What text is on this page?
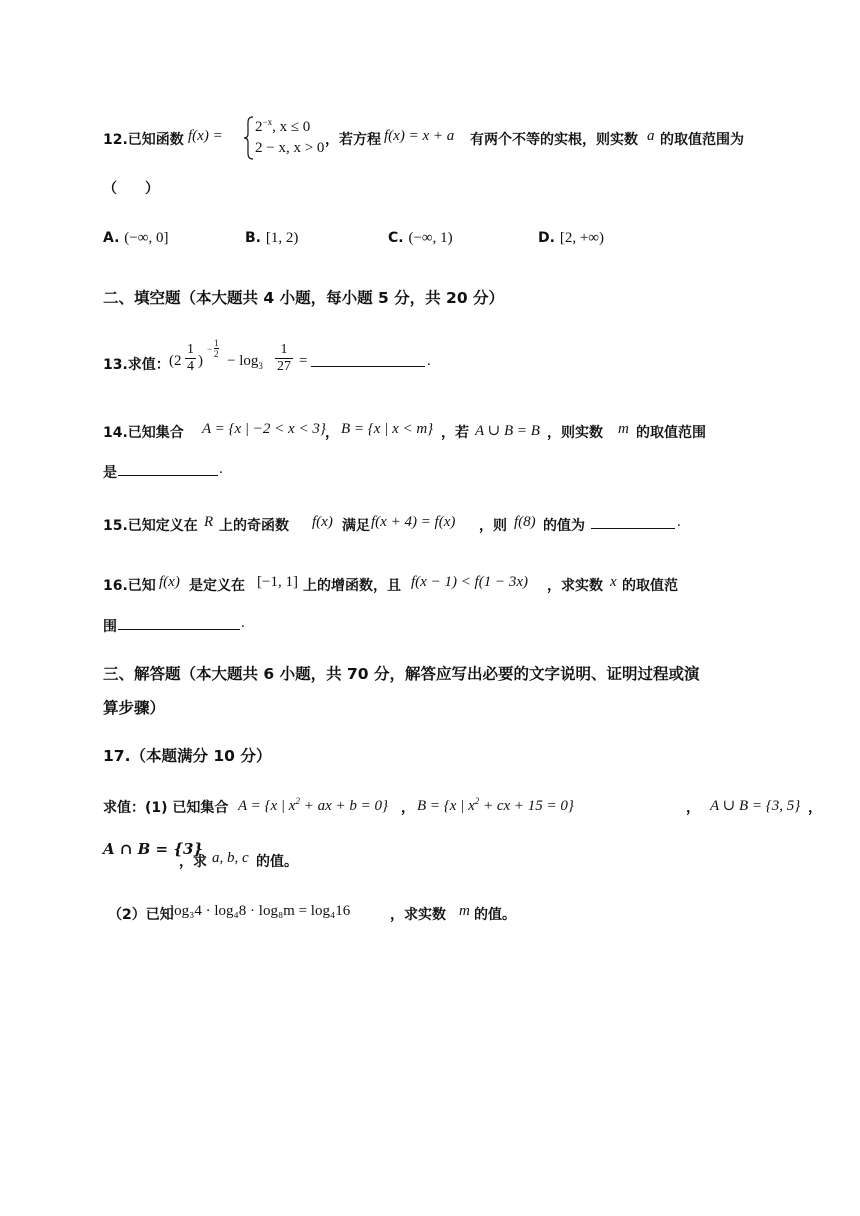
12.已知函数 f(x) =
$2^{-x}$, x ≤ 0
2 − x, x > 0 ，若方程 f(x) = x + a 有两个不等的实根，则实数 a 的取值范围为
（　　）
A. (−∞, 0]	B. [1, 2)	C. (−∞, 1)	D. [2, +∞)
二、填空题（本大题共 4 小题，每小题 5 分，共 20 分）
13.求值： ($2 \frac{1}{4}$ )
−
1
$2 - \log_3 \frac{1}{27}$ =	.
14.已知集合 A = {x | −2 < x < 3} ， B = {x | x < m} ，若 A ∪ B = B ，则实数 m 的取值范围
是	.
15.已知定义在 R 上的奇函数 f(x) 满足 f(x + 4) = f(x) ，则 f(8) 的值为	.
16.已知 f(x) 是定义在 [−1, 1] 上的增函数，且 f(x − 1) < f(1 − 3x) ，求实数 x 的取值范
围	.
三、解答题（本大题共 6 小题，共 70 分，解答应写出必要的文字说明、证明过程或演
算步骤）
17.（本题满分 10 分）
求值：(1) 已知集合 A = {x | $x^2$ + ax + b = 0} ， B = {x | $x^2$ + cx + 15 = 0}	， A ∪ B = {3, 5} ，
A ∩ B = {3}
，求 a, b, c 的值。
（2）已知
log₃4 · log₄8 · log₈m = log₄16	，求实数 m 的值。
